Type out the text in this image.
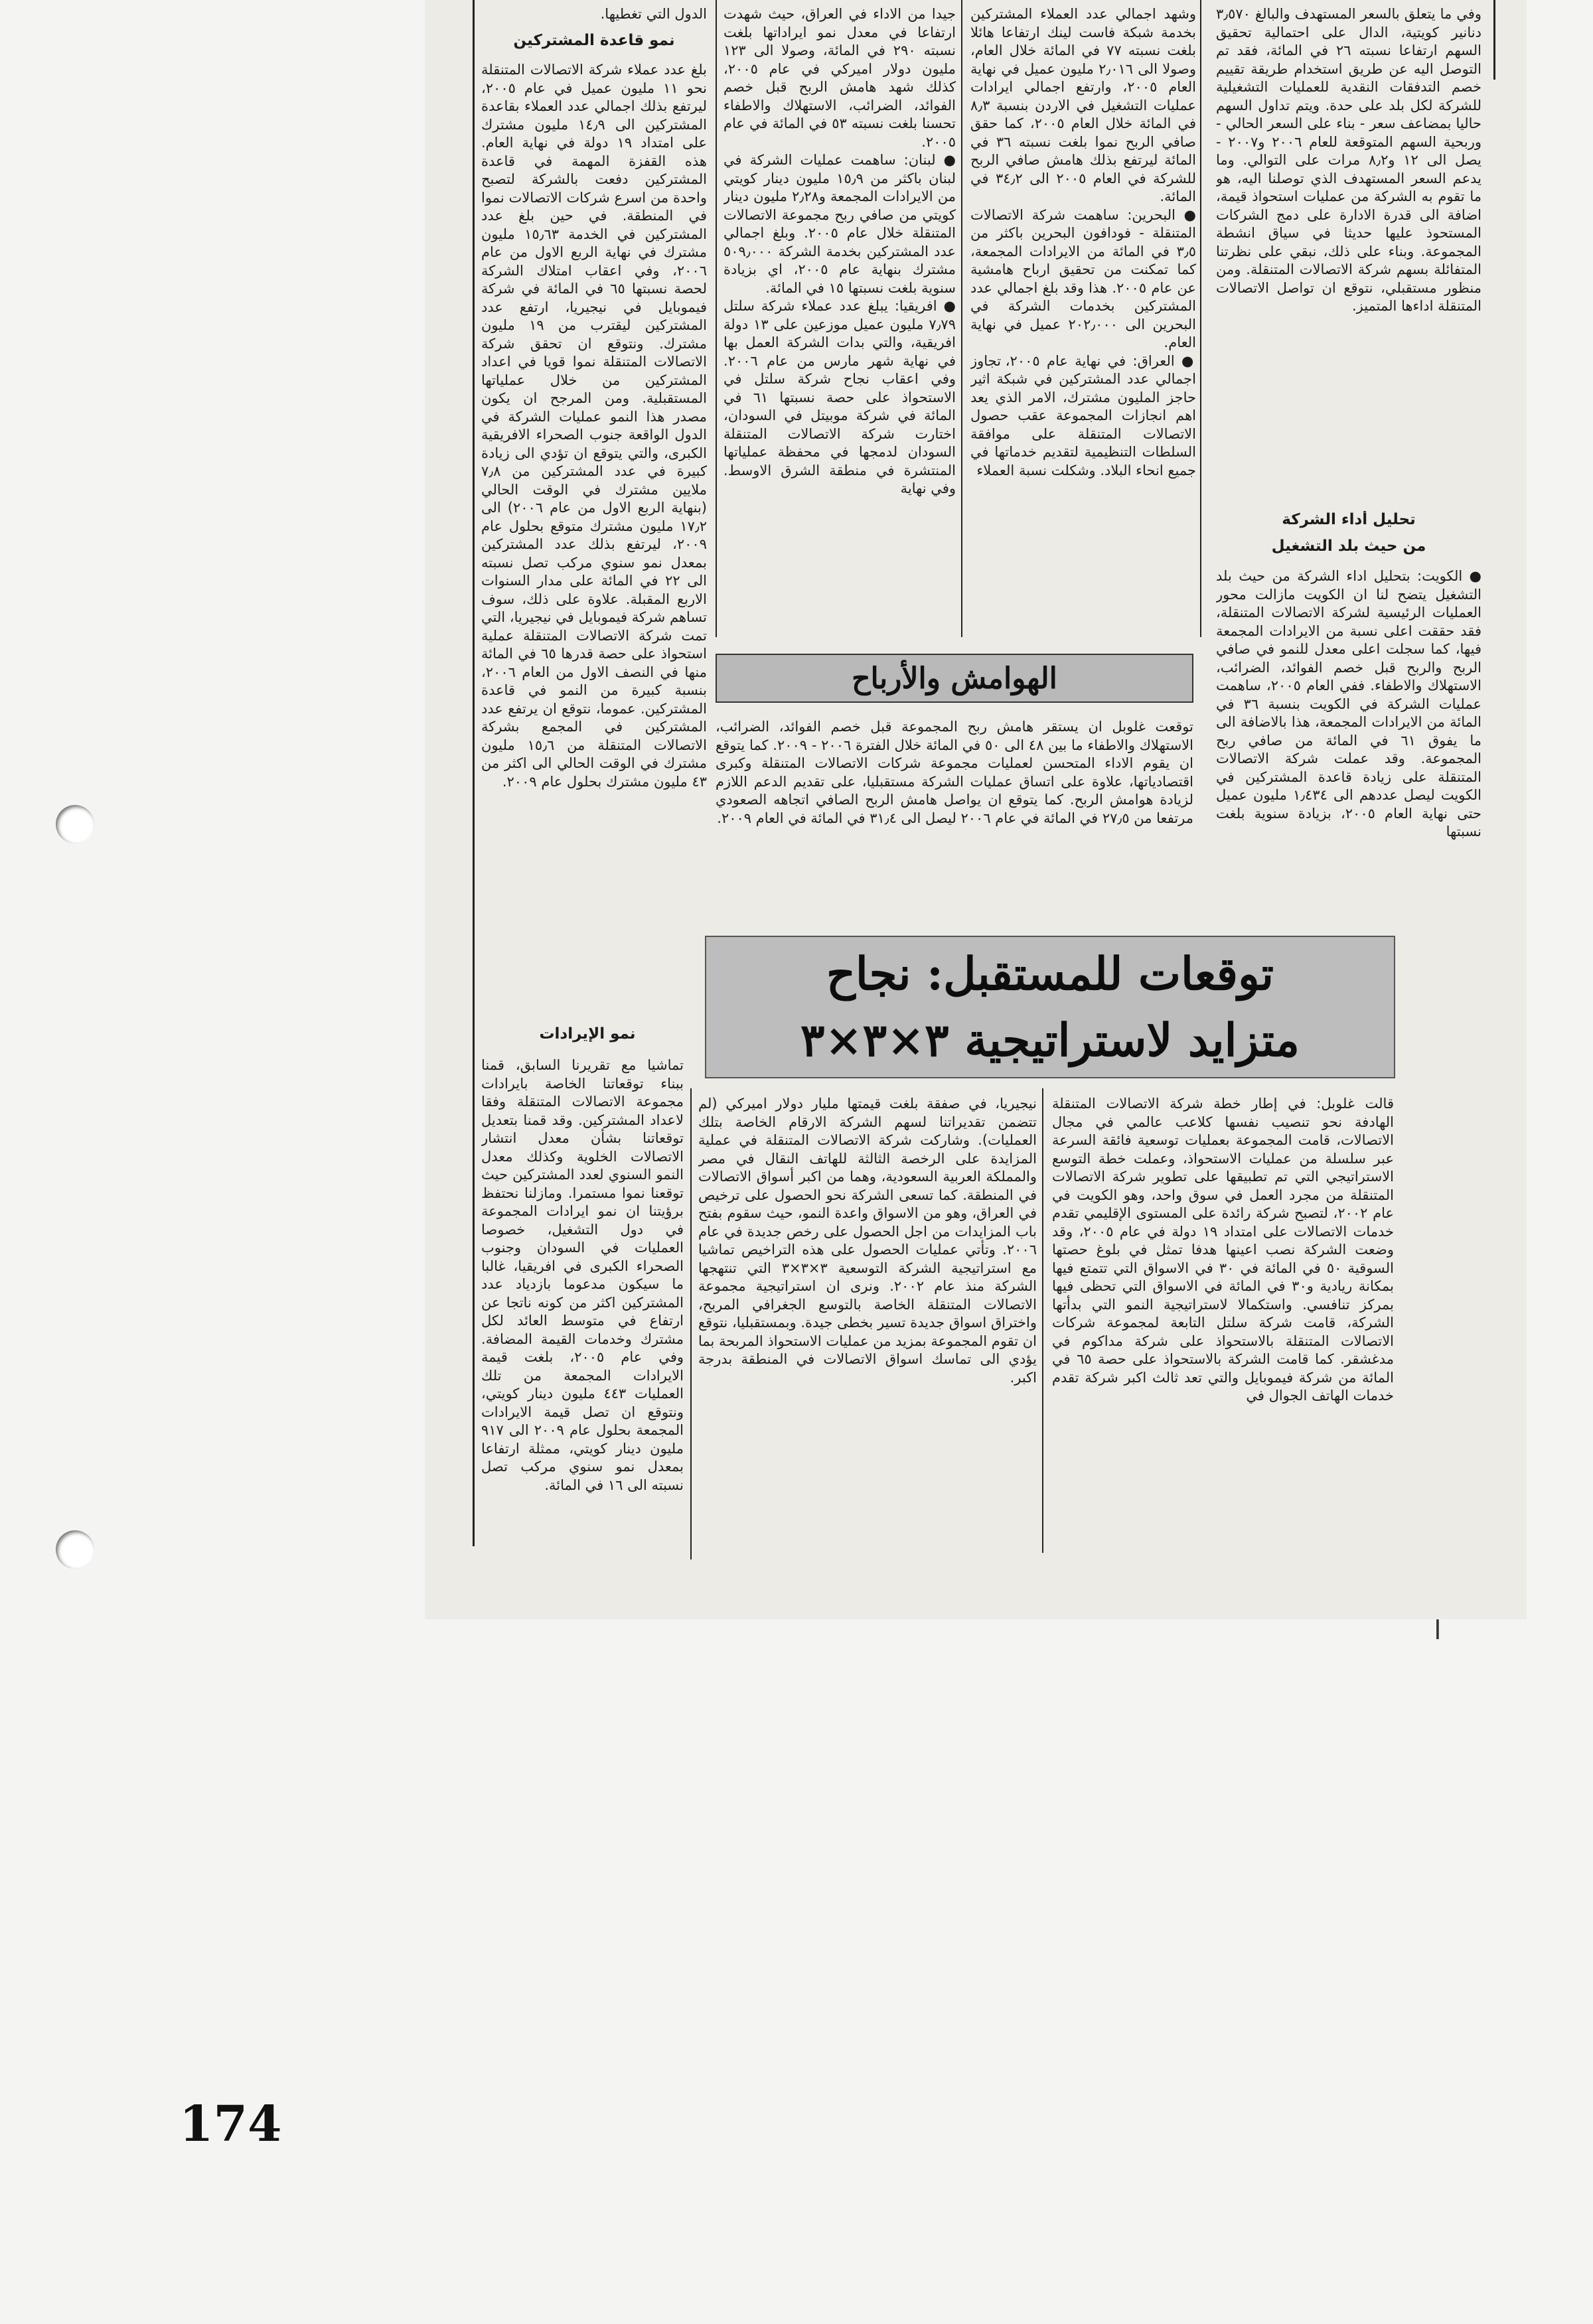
وفي ما يتعلق بالسعر المستهدف والبالغ ٣٫٥٧٠ دنانير كويتية، الدال على احتمالية تحقيق السهم ارتفاعا نسبته ٢٦ في المائة، فقد تم التوصل اليه عن طريق استخدام طريقة تقييم خصم التدفقات النقدية للعمليات التشغيلية للشركة لكل بلد على حدة. ويتم تداول السهم حاليا بمضاعف سعر - بناء على السعر الحالي - وربحية السهم المتوقعة للعام ٢٠٠٦ و٢٠٠٧ - يصل الى ١٢ و٨٫٢ مرات على التوالي. وما يدعم السعر المستهدف الذي توصلنا اليه، هو ما تقوم به الشركة من عمليات استحواذ قيمة، اضافة الى قدرة الادارة على دمج الشركات المستحوذ عليها حديثا في سياق انشطة المجموعة. وبناء على ذلك، نبقي على نظرتنا المتفائلة بسهم شركة الاتصالات المتنقلة. ومن منظور مستقبلي، نتوقع ان تواصل الاتصالات المتنقلة اداءها المتميز.

تحليل أداء الشركة

من حيث بلد التشغيل

● الكويت: بتحليل اداء الشركة من حيث بلد التشغيل يتضح لنا ان الكويت مازالت محور العمليات الرئيسية لشركة الاتصالات المتنقلة، فقد حققت اعلى نسبة من الايرادات المجمعة فيها، كما سجلت اعلى معدل للنمو في صافي الربح والربح قبل خصم الفوائد، الضرائب، الاستهلاك والاطفاء. ففي العام ٢٠٠٥، ساهمت عمليات الشركة في الكويت بنسبة ٣٦ في المائة من الايرادات المجمعة، هذا بالاضافة الى ما يفوق ٦١ في المائة من صافي ربح المجموعة. وقد عملت شركة الاتصالات المتنقلة على زيادة قاعدة المشتركين في الكويت ليصل عددهم الى ١٫٤٣٤ مليون عميل حتى نهاية العام ٢٠٠٥، بزيادة سنوية بلغت نسبتها

وشهد اجمالي عدد العملاء المشتركين بخدمة شبكة فاست لينك ارتفاعا هائلا بلغت نسبته ٧٧ في المائة خلال العام، وصولا الى ٢٫٠١٦ مليون عميل في نهاية العام ٢٠٠٥، وارتفع اجمالي ايرادات عمليات التشغيل في الاردن بنسبة ٨٫٣ في المائة خلال العام ٢٠٠٥، كما حقق صافي الربح نموا بلغت نسبته ٣٦ في المائة ليرتفع بذلك هامش صافي الربح للشركة في العام ٢٠٠٥ الى ٣٤٫٢ في المائة.
● البحرين: ساهمت شركة الاتصالات المتنقلة - فودافون البحرين باكثر من ٣٫٥ في المائة من الايرادات المجمعة، كما تمكنت من تحقيق ارباح هامشية عن عام ٢٠٠٥. هذا وقد بلغ اجمالي عدد المشتركين بخدمات الشركة في البحرين الى ٢٠٢٫٠٠٠ عميل في نهاية العام.
● العراق: في نهاية عام ٢٠٠٥، تجاوز اجمالي عدد المشتركين في شبكة اثير حاجز المليون مشترك، الامر الذي يعد اهم انجازات المجموعة عقب حصول الاتصالات المتنقلة على موافقة السلطات التنظيمية لتقديم خدماتها في جميع انحاء البلاد. وشكلت نسبة العملاء

جيدا من الاداء في العراق، حيث شهدت ارتفاعا في معدل نمو ايراداتها بلغت نسبته ٢٩٠ في المائة، وصولا الى ١٢٣ مليون دولار اميركي في عام ٢٠٠٥، كذلك شهد هامش الربح قبل خصم الفوائد، الضرائب، الاستهلاك والاطفاء تحسنا بلغت نسبته ٥٣ في المائة في عام ٢٠٠٥.
● لبنان: ساهمت عمليات الشركة في لبنان باكثر من ١٥٫٩ مليون دينار كويتي من الايرادات المجمعة و٢٫٢٨ مليون دينار كويتي من صافي ربح مجموعة الاتصالات المتنقلة خلال عام ٢٠٠٥. وبلغ اجمالي عدد المشتركين بخدمة الشركة ٥٠٩٫٠٠٠ مشترك بنهاية عام ٢٠٠٥، اي بزيادة سنوية بلغت نسبتها ١٥ في المائة.
● افريقيا: يبلغ عدد عملاء شركة سلتل ٧٫٧٩ مليون عميل موزعين على ١٣ دولة افريقية، والتي بدات الشركة العمل بها في نهاية شهر مارس من عام ٢٠٠٦. وفي اعقاب نجاح شركة سلتل في الاستحواذ على حصة نسبتها ٦١ في المائة في شركة موبيتل في السودان، اختارت شركة الاتصالات المتنقلة السودان لدمجها في محفظة عملياتها المنتشرة في منطقة الشرق الاوسط. وفي نهاية

الدول التي تغطيها.

نمو قاعدة المشتركين

بلغ عدد عملاء شركة الاتصالات المتنقلة نحو ١١ مليون عميل في عام ٢٠٠٥، ليرتفع بذلك اجمالي عدد العملاء بقاعدة المشتركين الى ١٤٫٩ مليون مشترك على امتداد ١٩ دولة في نهاية العام. هذه القفزة المهمة في قاعدة المشتركين دفعت بالشركة لتصبح واحدة من اسرع شركات الاتصالات نموا في المنطقة. في حين بلغ عدد المشتركين في الخدمة ١٥٫٦٣ مليون مشترك في نهاية الربع الاول من عام ٢٠٠٦، وفي اعقاب امتلاك الشركة لحصة نسبتها ٦٥ في المائة في شركة فيموبايل في نيجيريا، ارتفع عدد المشتركين ليقترب من ١٩ مليون مشترك. ونتوقع ان تحقق شركة الاتصالات المتنقلة نموا قويا في اعداد المشتركين من خلال عملياتها المستقبلية. ومن المرجح ان يكون مصدر هذا النمو عمليات الشركة في الدول الواقعة جنوب الصحراء الافريقية الكبرى، والتي يتوقع ان تؤدي الى زيادة كبيرة في عدد المشتركين من ٧٫٨ ملايين مشترك في الوقت الحالي (بنهاية الربع الاول من عام ٢٠٠٦) الى ١٧٫٢ مليون مشترك متوقع بحلول عام ٢٠٠٩، ليرتفع بذلك عدد المشتركين بمعدل نمو سنوي مركب تصل نسبته الى ٢٢ في المائة على مدار السنوات الاربع المقبلة. علاوة على ذلك، سوف تساهم شركة فيموبايل في نيجيريا، التي تمت شركة الاتصالات المتنقلة عملية استحواذ على حصة قدرها ٦٥ في المائة منها في النصف الاول من العام ٢٠٠٦، بنسبة كبيرة من النمو في قاعدة المشتركين. عموما، نتوقع ان يرتفع عدد المشتركين في المجمع بشركة الاتصالات المتنقلة من ١٥٫٦ مليون مشترك في الوقت الحالي الى اكثر من ٤٣ مليون مشترك بحلول عام ٢٠٠٩.

نمو الإيرادات

تماشيا مع تقريرنا السابق، قمنا ببناء توقعاتنا الخاصة بايرادات مجموعة الاتصالات المتنقلة وفقا لاعداد المشتركين. وقد قمنا بتعديل توقعاتنا بشأن معدل انتشار الاتصالات الخلوية وكذلك معدل النمو السنوي لعدد المشتركين حيث توقعنا نموا مستمرا. ومازلنا نحتفظ برؤيتنا ان نمو ايرادات المجموعة في دول التشغيل، خصوصا العمليات في السودان وجنوب الصحراء الكبرى في افريقيا، غالبا ما سيكون مدعوما بازدياد عدد المشتركين اكثر من كونه ناتجا عن ارتفاع في متوسط العائد لكل مشترك وخدمات القيمة المضافة. وفي عام ٢٠٠٥، بلغت قيمة الايرادات المجمعة من تلك العمليات ٤٤٣ مليون دينار كويتي، ونتوقع ان تصل قيمة الايرادات المجمعة بحلول عام ٢٠٠٩ الى ٩١٧ مليون دينار كويتي، ممثلة ارتفاعا بمعدل نمو سنوي مركب تصل نسبته الى ١٦ في المائة.

الهوامش والأرباح

توقعت غلوبل ان يستقر هامش ربح المجموعة قبل خصم الفوائد، الضرائب، الاستهلاك والاطفاء ما بين ٤٨ الى ٥٠ في المائة خلال الفترة ٢٠٠٦ - ٢٠٠٩. كما يتوقع ان يقوم الاداء المتحسن لعمليات مجموعة شركات الاتصالات المتنقلة وكبرى اقتصادياتها، علاوة على اتساق عمليات الشركة مستقبليا، على تقديم الدعم اللازم لزيادة هوامش الربح. كما يتوقع ان يواصل هامش الربح الصافي اتجاهه الصعودي مرتفعا من ٢٧٫٥ في المائة في عام ٢٠٠٦ ليصل الى ٣١٫٤ في المائة في العام ٢٠٠٩.

توقعات للمستقبل: نجاح
متزايد لاستراتيجية ٣×٣×٣

قالت غلوبل: في إطار خطة شركة الاتصالات المتنقلة الهادفة نحو تنصيب نفسها كلاعب عالمي في مجال الاتصالات، قامت المجموعة بعمليات توسعية فائقة السرعة عبر سلسلة من عمليات الاستحواذ، وعملت خطة التوسع الاستراتيجي التي تم تطبيقها على تطوير شركة الاتصالات المتنقلة من مجرد العمل في سوق واحد، وهو الكويت في عام ٢٠٠٢، لتصبح شركة رائدة على المستوى الإقليمي تقدم خدمات الاتصالات على امتداد ١٩ دولة في عام ٢٠٠٥، وقد وضعت الشركة نصب اعينها هدفا تمثل في بلوغ حصتها السوقية ٥٠ في المائة في ٣٠ في الاسواق التي تتمتع فيها بمكانة ريادية و٣٠ في المائة في الاسواق التي تحظى فيها بمركز تنافسي. واستكمالا لاستراتيجية النمو التي بدأتها الشركة، قامت شركة سلتل التابعة لمجموعة شركات الاتصالات المتنقلة بالاستحواذ على شركة مداكوم في مدغشقر. كما قامت الشركة بالاستحواذ على حصة ٦٥ في المائة من شركة فيموبايل والتي تعد ثالث اكبر شركة تقدم خدمات الهاتف الجوال في

نيجيريا، في صفقة بلغت قيمتها مليار دولار اميركي (لم تتضمن تقديراتنا لسهم الشركة الارقام الخاصة بتلك العمليات). وشاركت شركة الاتصالات المتنقلة في عملية المزايدة على الرخصة الثالثة للهاتف النقال في مصر والمملكة العربية السعودية، وهما من اكبر أسواق الاتصالات في المنطقة. كما تسعى الشركة نحو الحصول على ترخيص في العراق، وهو من الاسواق واعدة النمو، حيث سقوم بفتح باب المزايدات من اجل الحصول على رخص جديدة في عام ٢٠٠٦. وتأتي عمليات الحصول على هذه التراخيص تماشيا مع استراتيجية الشركة التوسعية ٣×٣×٣ التي تنتهجها الشركة منذ عام ٢٠٠٢. ونرى ان استراتيجية مجموعة الاتصالات المتنقلة الخاصة بالتوسع الجغرافي المربح، واختراق اسواق جديدة تسير بخطى جيدة. وبمستقبليا، نتوقع ان تقوم المجموعة بمزيد من عمليات الاستحواذ المربحة بما يؤدي الى تماسك اسواق الاتصالات في المنطقة بدرجة اكبر.

׀
174
